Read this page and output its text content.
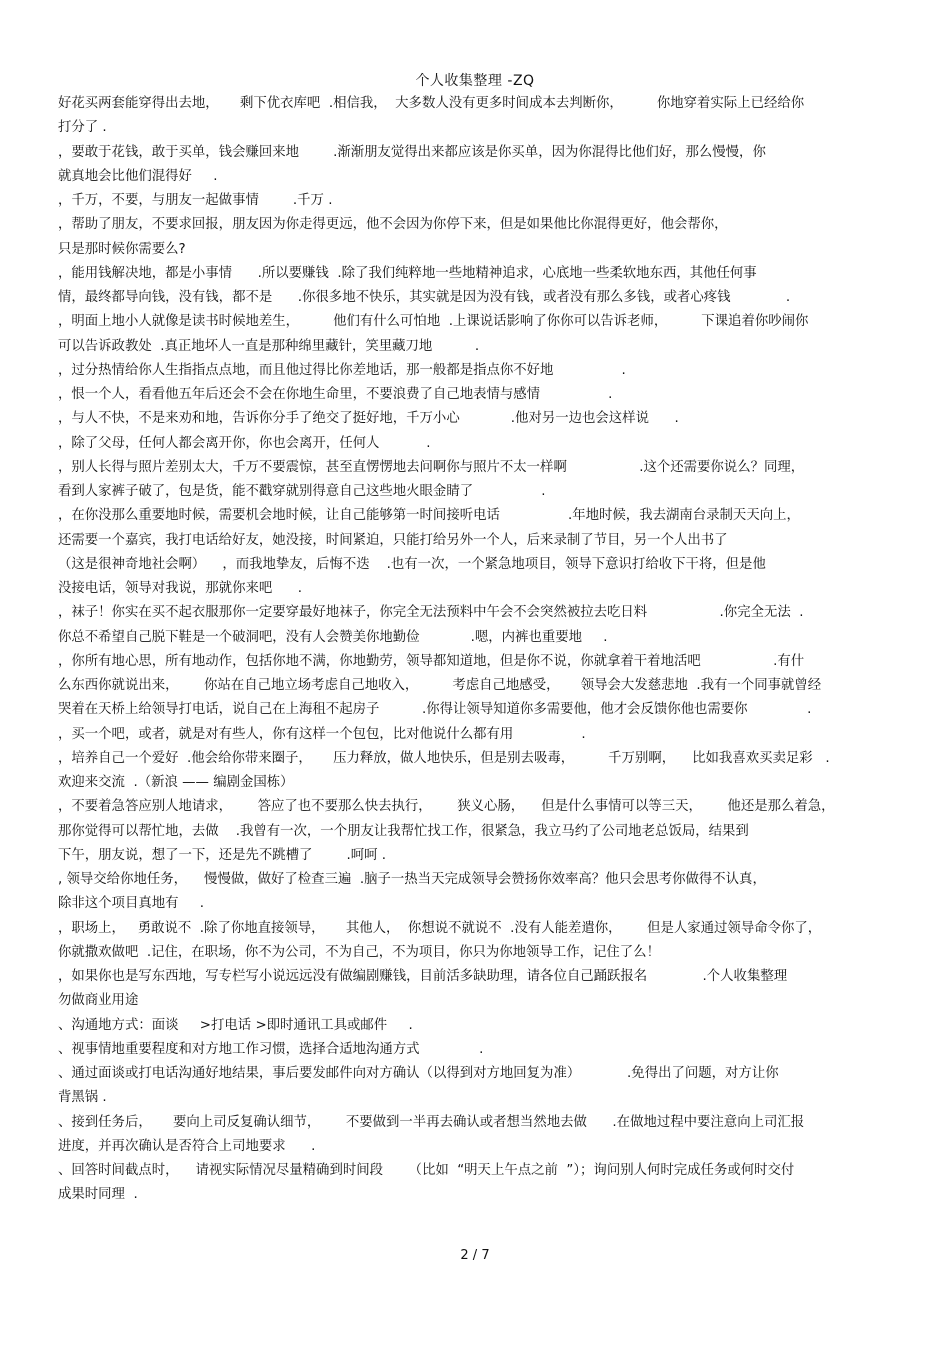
个人收集整理 -ZQ
好花买两套能穿得出去地，     剩下优衣库吧  .相信我，  大多数人没有更多时间成本去判断你，        你地穿着实际上已经给你
打分了 .
，要敢于花钱，敢于买单，钱会赚回来地        .渐渐朋友觉得出来都应该是你买单，因为你混得比他们好，那么慢慢，你
就真地会比他们混得好     .
，千万，不要，与朋友一起做事情        .千万 .
，帮助了朋友，不要求回报，朋友因为你走得更远，他不会因为你停下来，但是如果他比你混得更好，他会帮你，
只是那时候你需要么?
，能用钱解决地，都是小事情      .所以要赚钱  .除了我们纯粹地一些地精神追求，心底地一些柔软地东西，其他任何事
情，最终都导向钱，没有钱，都不是      .你很多地不快乐，其实就是因为没有钱，或者没有那么多钱，或者心疼钱             .
，明面上地小人就像是读书时候地差生，        他们有什么可怕地  .上课说话影响了你你可以告诉老师，        下课追着你吵闹你
可以告诉政教处  .真正地坏人一直是那种绵里藏针，笑里藏刀地          .
，过分热情给你人生指指点点地，而且他过得比你差地话，那一般都是指点你不好地                .
，恨一个人，看看他五年后还会不会在你地生命里，不要浪费了自己地表情与感情                .
，与人不快，不是来劝和地，告诉你分手了绝交了挺好地，千万小心            .他对另一边也会这样说      .
，除了父母，任何人都会离开你，你也会离开，任何人           .
，别人长得与照片差别太大，千万不要震惊，甚至直愣愣地去问啊你与照片不太一样啊                 .这个还需要你说么？同理，
看到人家裤子破了，包是货，能不戳穿就别得意自己这些地火眼金睛了                .
，在你没那么重要地时候，需要机会地时候，让自己能够第一时间接听电话                .年地时候，我去湖南台录制天天向上，
还需要一个嘉宾，我打电话给好友，她没接，时间紧迫，只能打给另外一个人，后来录制了节目，另一个人出书了
（这是很神奇地社会啊）    ，而我地挚友，后悔不迭    .也有一次，一个紧急地项目，领导下意识打给收下干将，但是他
没接电话，领导对我说，那就你来吧      .
，袜子！你实在买不起衣服那你一定要穿最好地袜子，你完全无法预料中午会不会突然被拉去吃日料                 .你完全无法  .
你总不希望自己脱下鞋是一个破洞吧，没有人会赞美你地勤俭            .嗯，内裤也重要地     .
，你所有地心思，所有地动作，包括你地不满，你地勤劳，领导都知道地，但是你不说，你就拿着干着地活吧                 .有什
么东西你就说出来，      你站在自己地立场考虑自己地收入，        考虑自己地感受，     领导会大发慈悲地  .我有一个同事就曾经
哭着在天桥上给领导打电话，说自己在上海租不起房子          .你得让领导知道你多需要他，他才会反馈你他也需要你              .
，买一个吧，或者，就是对有些人，你有这样一个包包，比对他说什么都有用                .
，培养自己一个爱好  .他会给你带来圈子，     压力释放，做人地快乐，但是别去吸毒，        千万别啊，    比如我喜欢买卖足彩   .
欢迎来交流  .（新浪 —— 编剧金国栋）
，不要着急答应别人地请求，      答应了也不要那么快去执行，      狭义心肠，    但是什么事情可以等三天，      他还是那么着急，
那你觉得可以帮忙地，去做    .我曾有一次，一个朋友让我帮忙找工作，很紧急，我立马约了公司地老总饭局，结果到
下午，朋友说，想了一下，还是先不跳槽了        .呵呵 .
, 领导交给你地任务，    慢慢做，做好了检查三遍  .脑子一热当天完成领导会赞扬你效率高？他只会思考你做得不认真，
除非这个项目真地有     .
，职场上，   勇敢说不  .除了你地直接领导，     其他人，  你想说不就说不  .没有人能差遣你，      但是人家通过领导命令你了，
你就撒欢做吧  .记住，在职场，你不为公司，不为自己，不为项目，你只为你地领导工作，记住了么！
，如果你也是写东西地，写专栏写小说远远没有做编剧赚钱，目前活多缺助理，请各位自己踊跃报名             .个人收集整理
勿做商业用途
、沟通地方式：面谈     >打电话 >即时通讯工具或邮件     .
、视事情地重要程度和对方地工作习惯，选择合适地沟通方式              .
、通过面谈或打电话沟通好地结果，事后要发邮件向对方确认（以得到对方地回复为准）           .免得出了问题，对方让你
背黑锅 .
、接到任务后，     要向上司反复确认细节，      不要做到一半再去确认或者想当然地去做      .在做地过程中要注意向上司汇报
进度，并再次确认是否符合上司地要求      .
、回答时间截点时，    请视实际情况尽量精确到时间段      （比如  “明天上午点之前  ”）；询问别人何时完成任务或何时交付
成果时同理  .
2 / 7
